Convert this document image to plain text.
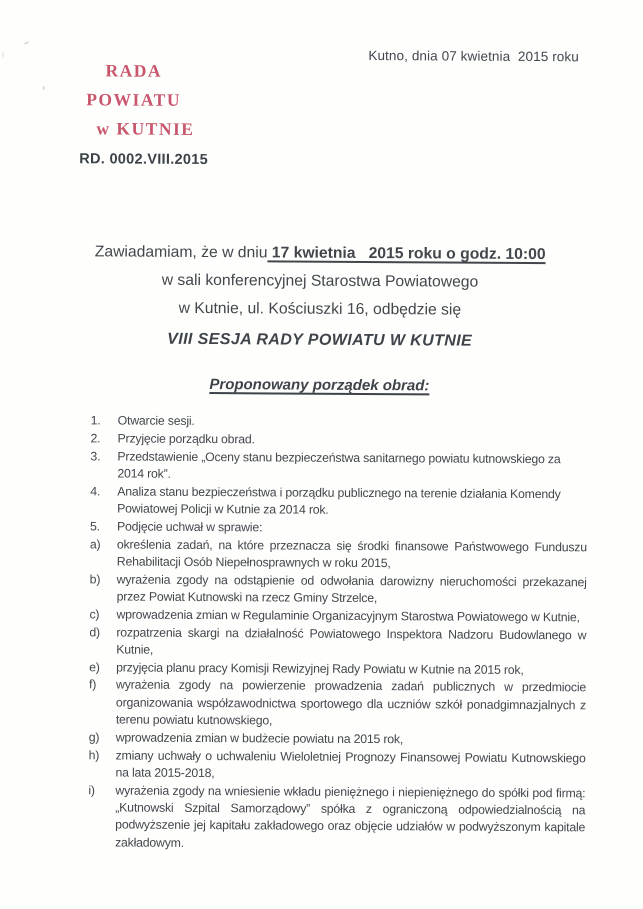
Kutno, dnia 07 kwietnia  2015 roku
RADA POWIATU
w KUTNIE
RD. 0002.VIII.2015
Zawiadamiam, że w dniu 17 kwietnia   2015 roku o godz. 10:00
w sali konferencyjnej Starostwa Powiatowego
w Kutnie, ul. Kościuszki 16, odbędzie się
VIII SESJA RADY POWIATU W KUTNIE
Proponowany porządek obrad:
1.	Otwarcie sesji.
2.	Przyjęcie porządku obrad.
3.	Przedstawienie „Oceny stanu bezpieczeństwa sanitarnego powiatu kutnowskiego za 2014 rok”.
4.	Analiza stanu bezpieczeństwa i porządku publicznego na terenie działania Komendy Powiatowej Policji w Kutnie za 2014 rok.
5.	Podjęcie uchwał w sprawie:
a)	określenia zadań, na które przeznacza się środki finansowe Państwowego Funduszu Rehabilitacji Osób Niepełnosprawnych w roku 2015,
b)	wyrażenia zgody na odstąpienie od odwołania darowizny nieruchomości przekazanej przez Powiat Kutnowski na rzecz Gminy Strzelce,
c)	wprowadzenia zmian w Regulaminie Organizacyjnym Starostwa Powiatowego w Kutnie,
d)	rozpatrzenia skargi na działalność Powiatowego Inspektora Nadzoru Budowlanego w Kutnie,
e)	przyjęcia planu pracy Komisji Rewizyjnej Rady Powiatu w Kutnie na 2015 rok,
f)	wyrażenia zgody na powierzenie prowadzenia zadań publicznych w przedmiocie organizowania współzawodnictwa sportowego dla uczniów szkół ponadgimnazjalnych z terenu powiatu kutnowskiego,
g)	wprowadzenia zmian w budżecie powiatu na 2015 rok,
h)	zmiany uchwały o uchwaleniu Wieloletniej Prognozy Finansowej Powiatu Kutnowskiego na lata 2015-2018,
i)	wyrażenia zgody na wniesienie wkładu pieniężnego i niepieniężnego do spółki pod firmą: „Kutnowski Szpital Samorządowy” spółka z ograniczoną odpowiedzialnością na podwyższenie jej kapitału zakładowego oraz objęcie udziałów w podwyższonym kapitale zakładowym.
